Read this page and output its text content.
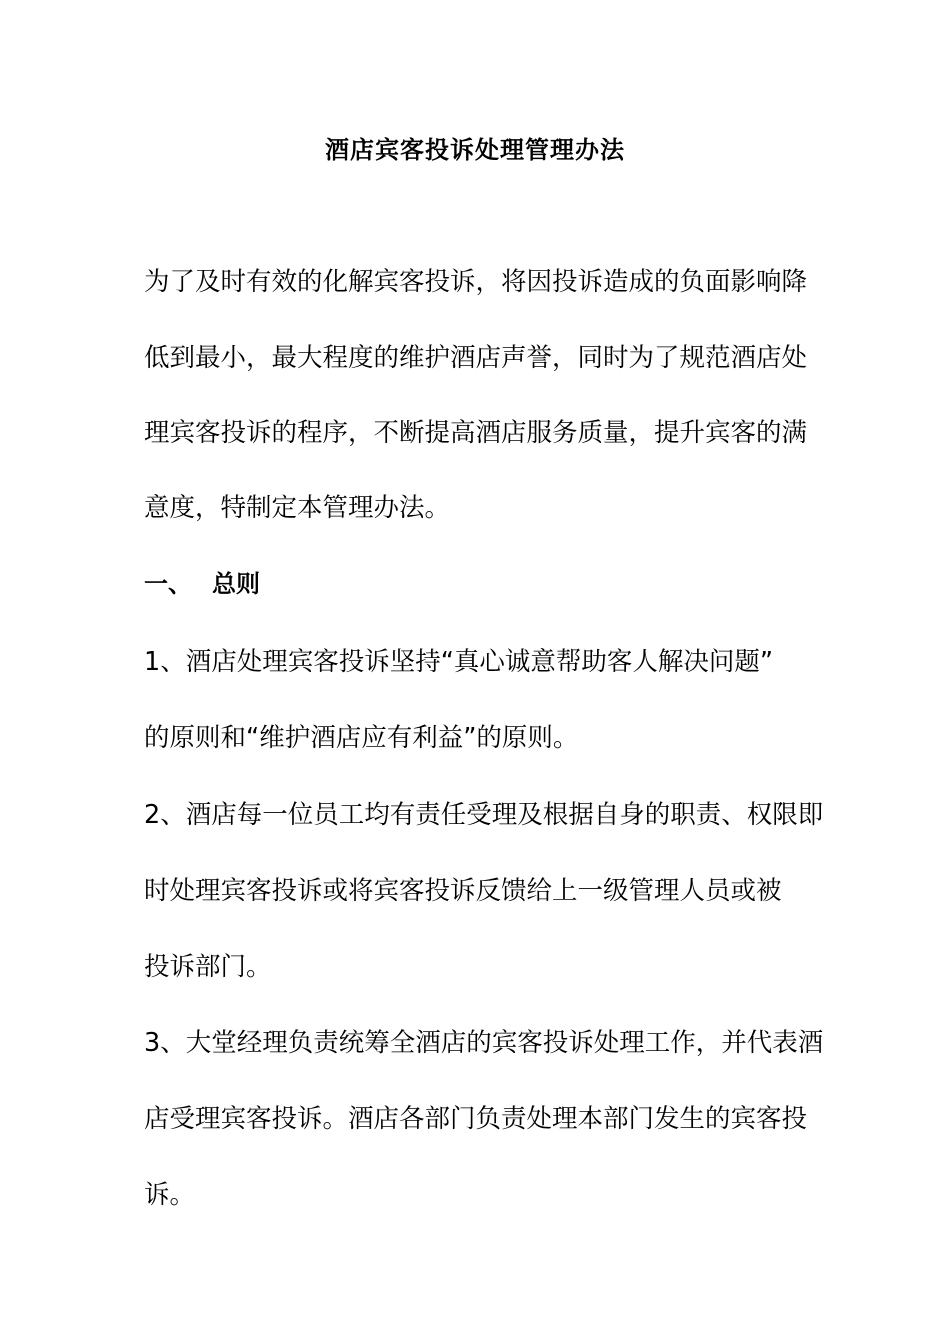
酒店宾客投诉处理管理办法
为了及时有效的化解宾客投诉，将因投诉造成的负面影响降
低到最小，最大程度的维护酒店声誉，同时为了规范酒店处
理宾客投诉的程序，不断提高酒店服务质量，提升宾客的满
意度，特制定本管理办法。
一、 总则
1、酒店处理宾客投诉坚持“真心诚意帮助客人解决问题”
的原则和“维护酒店应有利益”的原则。
2、酒店每一位员工均有责任受理及根据自身的职责、权限即
时处理宾客投诉或将宾客投诉反馈给上一级管理人员或被
投诉部门。
3、大堂经理负责统筹全酒店的宾客投诉处理工作，并代表酒
店受理宾客投诉。酒店各部门负责处理本部门发生的宾客投
诉。
